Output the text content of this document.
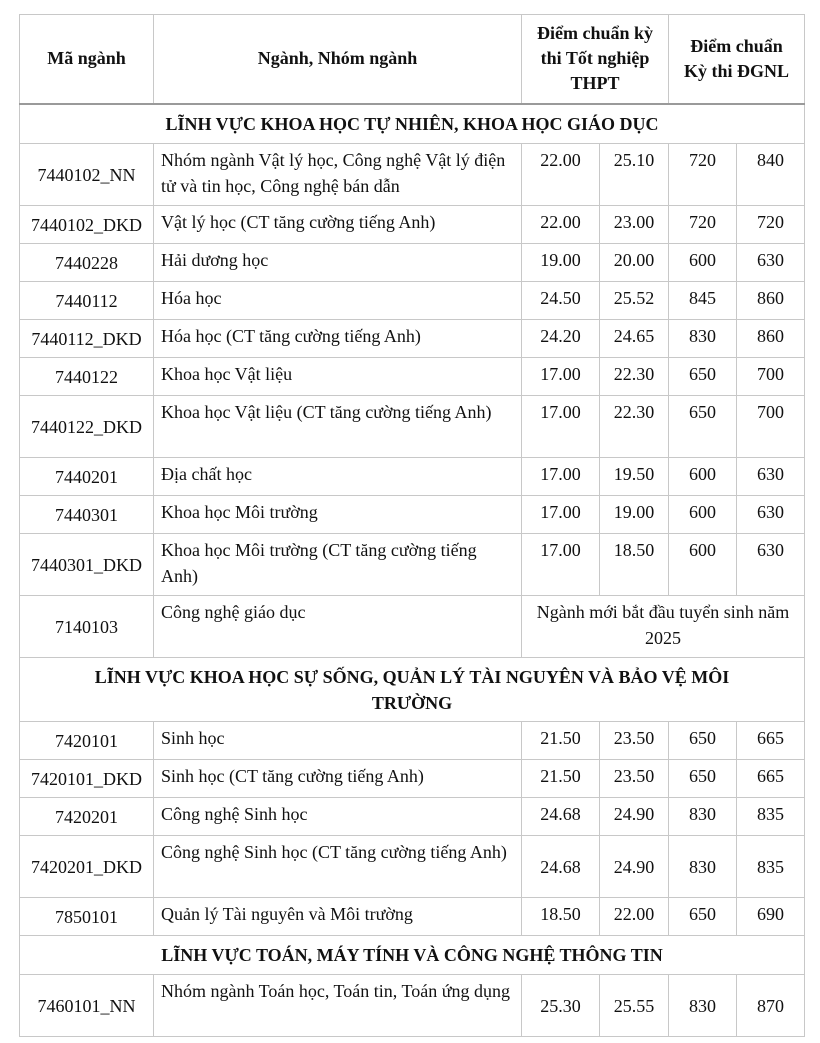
Mã ngành	Ngành, Nhóm ngành	Điểm chuẩn kỳ thi Tốt nghiệp THPT		Điểm chuẩn Kỳ thi ĐGNL	
LĨNH VỰC KHOA HỌC TỰ NHIÊN, KHOA HỌC GIÁO DỤC					
7440102_NN	Nhóm ngành Vật lý học, Công nghệ Vật lý điện tử và tin học, Công nghệ bán dẫn	22.00	25.10	720	840
7440102_DKD	Vật lý học (CT tăng cường tiếng Anh)	22.00	23.00	720	720
7440228	Hải dương học	19.00	20.00	600	630
7440112	Hóa học	24.50	25.52	845	860
7440112_DKD	Hóa học (CT tăng cường tiếng Anh)	24.20	24.65	830	860
7440122	Khoa học Vật liệu	17.00	22.30	650	700
7440122_DKD	Khoa học Vật liệu (CT tăng cường tiếng Anh)	17.00	22.30	650	700
7440201	Địa chất học	17.00	19.50	600	630
7440301	Khoa học Môi trường	17.00	19.00	600	630
7440301_DKD	Khoa học Môi trường (CT tăng cường tiếng Anh)	17.00	18.50	600	630
7140103	Công nghệ giáo dục	Ngành mới bắt đầu tuyển sinh năm 2025			
LĨNH VỰC KHOA HỌC SỰ SỐNG, QUẢN LÝ TÀI NGUYÊN VÀ BẢO VỆ MÔI TRƯỜNG					
7420101	Sinh học	21.50	23.50	650	665
7420101_DKD	Sinh học (CT tăng cường tiếng Anh)	21.50	23.50	650	665
7420201	Công nghệ Sinh học	24.68	24.90	830	835
7420201_DKD	Công nghệ Sinh học (CT tăng cường tiếng Anh)	24.68	24.90	830	835
7850101	Quản lý Tài nguyên và Môi trường	18.50	22.00	650	690
LĨNH VỰC TOÁN, MÁY TÍNH VÀ CÔNG NGHỆ THÔNG TIN					
7460101_NN	Nhóm ngành Toán học, Toán tin, Toán ứng dụng	25.30	25.55	830	870
